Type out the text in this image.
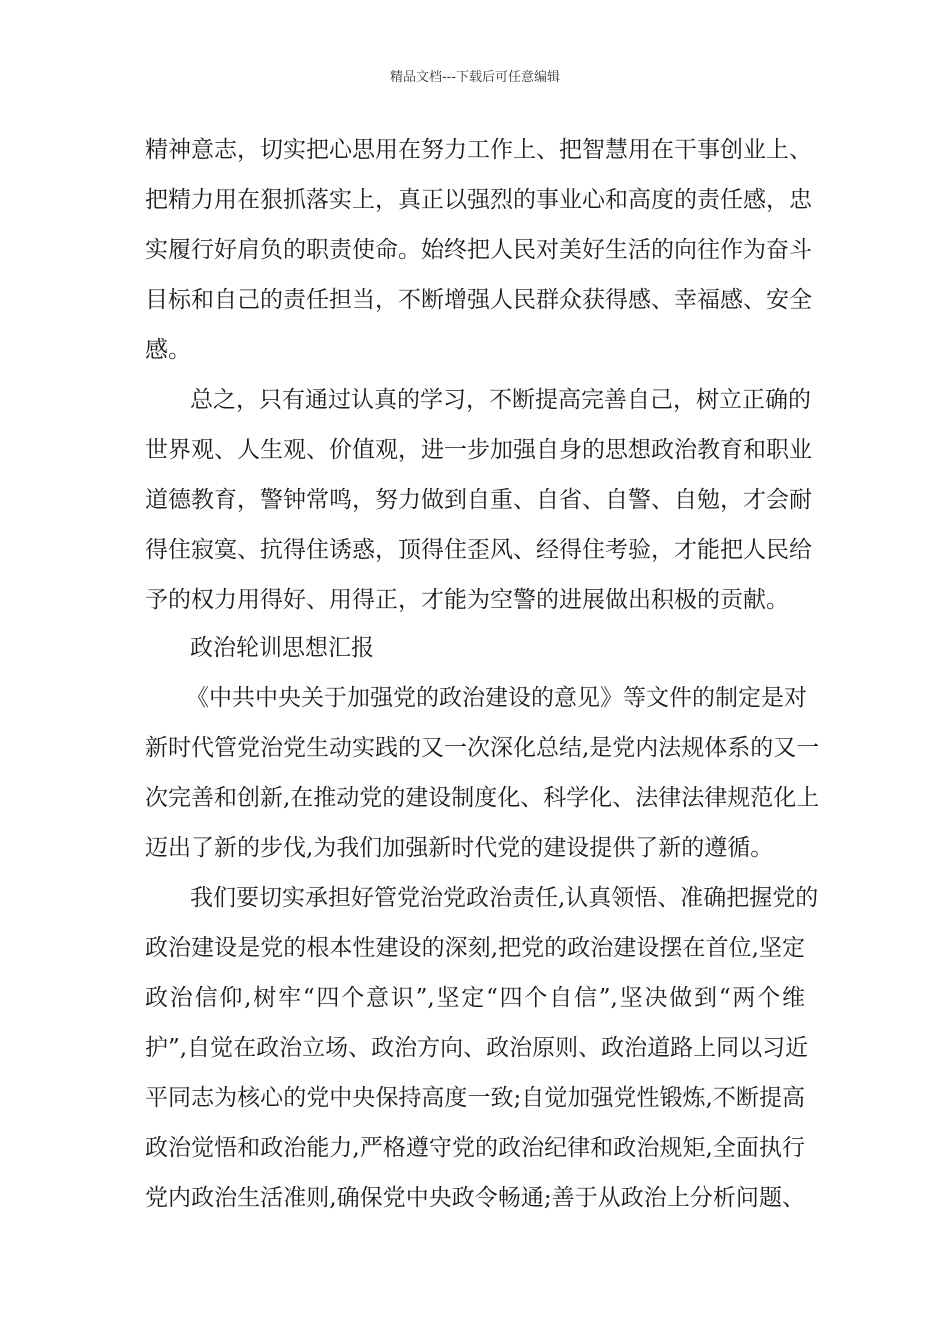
精品文档---下载后可任意编辑
精神意志，切实把心思用在努力工作上、把智慧用在干事创业上、
把精力用在狠抓落实上，真正以强烈的事业心和高度的责任感，忠
实履行好肩负的职责使命。始终把人民对美好生活的向往作为奋斗
目标和自己的责任担当，不断增强人民群众获得感、幸福感、安全
感。
总之，只有通过认真的学习，不断提高完善自己，树立正确的
世界观、人生观、价值观，进一步加强自身的思想政治教育和职业
道德教育，警钟常鸣，努力做到自重、自省、自警、自勉，才会耐
得住寂寞、抗得住诱惑，顶得住歪风、经得住考验，才能把人民给
予的权力用得好、用得正，才能为空警的进展做出积极的贡献。
政治轮训思想汇报
《中共中央关于加强党的政治建设的意见》等文件的制定是对
新时代管党治党生动实践的又一次深化总结,是党内法规体系的又一
次完善和创新,在推动党的建设制度化、科学化、法律法律规范化上
迈出了新的步伐,为我们加强新时代党的建设提供了新的遵循。
我们要切实承担好管党治党政治责任,认真领悟、准确把握党的
政治建设是党的根本性建设的深刻,把党的政治建设摆在首位,坚定
政治信仰,树牢“四个意识”,坚定“四个自信”,坚决做到“两个维
护”,自觉在政治立场、政治方向、政治原则、政治道路上同以习近
平同志为核心的党中央保持高度一致;自觉加强党性锻炼,不断提高
政治觉悟和政治能力,严格遵守党的政治纪律和政治规矩,全面执行
党内政治生活准则,确保党中央政令畅通;善于从政治上分析问题、
